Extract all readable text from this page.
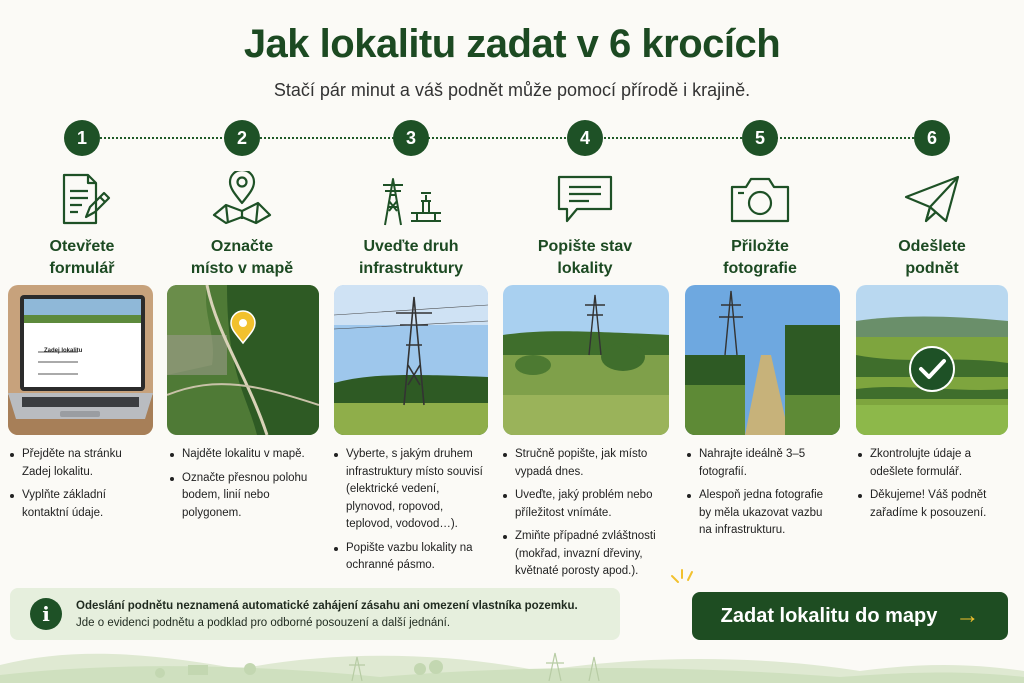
Jak lokalitu zadat v 6 krocích
Stačí pár minut a váš podnět může pomocí přírodě i krajině.
1
Otevřete
formulář
2
Označte
místo v mapě
3
Uveďte druh
infrastruktury
4
Popište stav
lokality
5
Přiložte
fotografie
6
Odešlete
podnět
Zadej lokalitu
Přejděte na stránku Zadej lokalitu.
Vyplňte základní kontaktní údaje.
Najděte lokalitu v mapě.
Označte přesnou polohu bodem, linií nebo polygonem.
Vyberte, s jakým druhem infrastruktury místo souvisí (elektrické vedení, plynovod, ropovod, teplovod, vodovod…).
Popište vazbu lokality na ochranné pásmo.
Stručně popište, jak místo vypadá dnes.
Uveďte, jaký problém nebo příležitost vnímáte.
Zmiňte případné zvláštnosti (mokřad, invazní dřeviny, květnaté porosty apod.).
Nahrajte ideálně 3–5 fotografií.
Alespoň jedna fotografie by měla ukazovat vazbu na infrastrukturu.
Zkontrolujte údaje a odešlete formulář.
Děkujeme! Váš podnět zařadíme k posouzení.
i	Odeslání podnětu neznamená automatické zahájení zásahu ani omezení vlastníka pozemku.
Jde o evidenci podnětu a podklad pro odborné posouzení a další jednání.	Zadat lokalitu do mapy →
